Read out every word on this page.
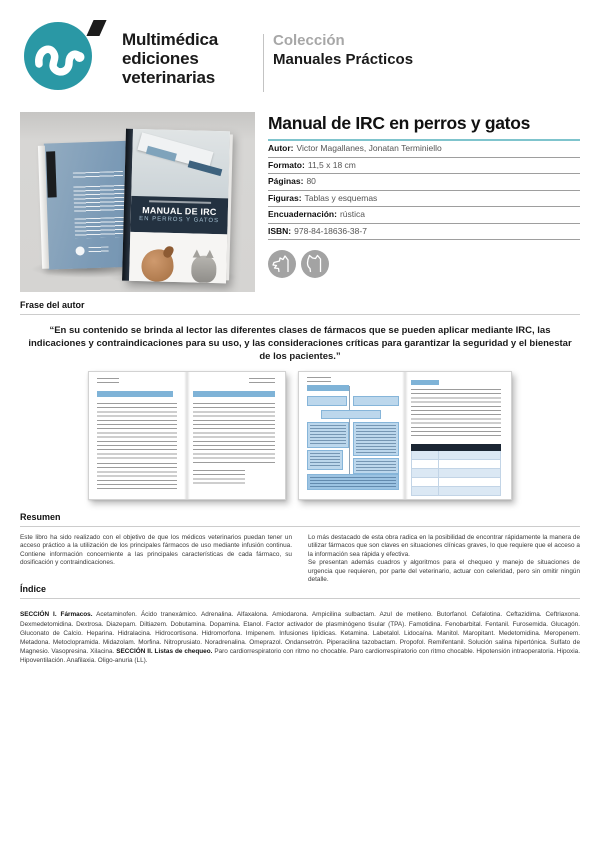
Multimédica
ediciones
veterinarias
Colección
Manuales Prácticos
MANUAL DE IRC
EN PERROS Y GATOS
Manual de IRC en perros y gatos
Autor: Victor Magallanes, Jonatan Terminiello
Formato: 11,5 x 18 cm
Páginas: 80
Figuras: Tablas y esquemas
Encuadernación: rústica
ISBN: 978-84-18636-38-7
Frase del autor
“En su contenido se brinda al lector las diferentes clases de fármacos que se pueden aplicar mediante IRC, las indicaciones y contraindicaciones para su uso, y las consideraciones críticas para garantizar la seguridad y el bienestar de los pacientes.”
Resumen

Este libro ha sido realizado con el objetivo de que los médicos veterinarios puedan tener un acceso práctico a la utilización de los principales fármacos de uso mediante infusión continua. Contiene información concerniente a las principales características de cada fármaco, su dosificación y contraindicaciones.

Lo más destacado de esta obra radica en la posibilidad de encontrar rápidamente la manera de utilizar fármacos que son claves en situaciones clínicas graves, lo que requiere que el acceso a la información sea rápida y efectiva.

Se presentan además cuadros y algoritmos para el chequeo y manejo de situaciones de urgencia que requieren, por parte del veterinario, actuar con celeridad, pero sin omitir ningún detalle.

Índice

SECCIÓN I. Fármacos. Acetaminofen. Ácido tranexámico. Adrenalina. Alfaxalona. Amiodarona. Ampicilina sulbactam. Azul de metileno. Butorfanol. Cefalotina. Ceftazidima. Ceftriaxona. Dexmedetomidina. Dextrosa. Diazepam. Diltiazem. Dobutamina. Dopamina. Etanol. Factor activador de plasminógeno tisular (TPA). Famotidina. Fenobarbital. Fentanil. Furosemida. Glucagón. Gluconato de Calcio. Heparina. Hidralacina. Hidrocortisona. Hidromorfona. Imipenem. Infusiones lipídicas. Ketamina. Labetalol. Lidocaína. Manitol. Maropitant. Medetomidina. Meropenem. Metadona. Metoclopramida. Midazolam. Morfina. Nitroprusiato. Noradrenalina. Omeprazol. Ondansetrón. Piperacilina tazobactam. Propofol. Remifentanil. Solución salina hipertónica. Sulfato de Magnesio. Vasopresina. Xilacina. SECCIÓN II. Listas de chequeo. Paro cardiorrespiratorio con ritmo no chocable. Paro cardiorrespiratorio con ritmo chocable. Hipotensión intraoperatoria. Hipoxia. Hipoventilación. Anafilaxia. Oligo-anuria (LL).
